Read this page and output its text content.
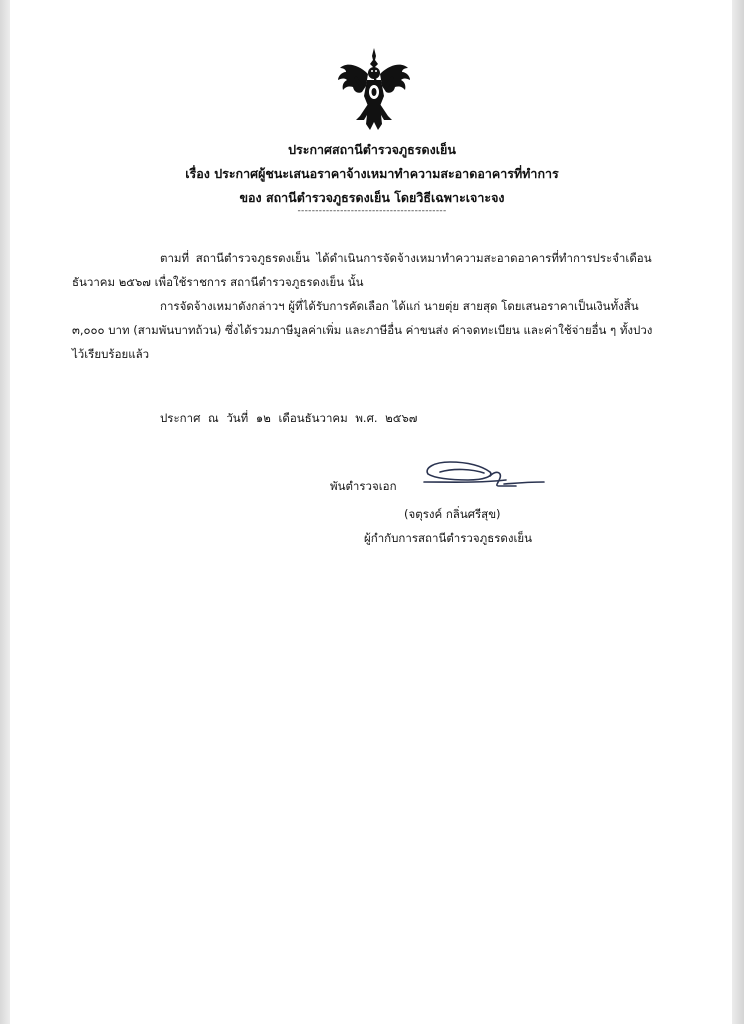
ประกาศสถานีตำรวจภูธรดงเย็น
เรื่อง ประกาศผู้ชนะเสนอราคาจ้างเหมาทำความสะอาดอาคารที่ทำการ
ของ สถานีตำรวจภูธรดงเย็น โดยวิธีเฉพาะเจาะจง
------------------------------------------
ตามที่ สถานีตำรวจภูธรดงเย็น ได้ดำเนินการจัดจ้างเหมาทำความสะอาดอาคารที่ทำการประจำเดือน
ธันวาคม ๒๕๖๗ เพื่อใช้ราชการ สถานีตำรวจภูธรดงเย็น นั้น
การจัดจ้างเหมาดังกล่าวฯ ผู้ที่ได้รับการคัดเลือก ได้แก่ นายตุ่ย สายสุด โดยเสนอราคาเป็นเงินทั้งสิ้น
๓,๐๐๐ บาท (สามพันบาทถ้วน) ซึ่งได้รวมภาษีมูลค่าเพิ่ม และภาษีอื่น ค่าขนส่ง ค่าจดทะเบียน และค่าใช้จ่ายอื่น ๆ ทั้งปวง
ไว้เรียบร้อยแล้ว
ประกาศ ณ วันที่ ๑๒ เดือนธันวาคม พ.ศ. ๒๕๖๗
พันตำรวจเอก
(จตุรงค์ กลิ่นศรีสุข)
ผู้กำกับการสถานีตำรวจภูธรดงเย็น
